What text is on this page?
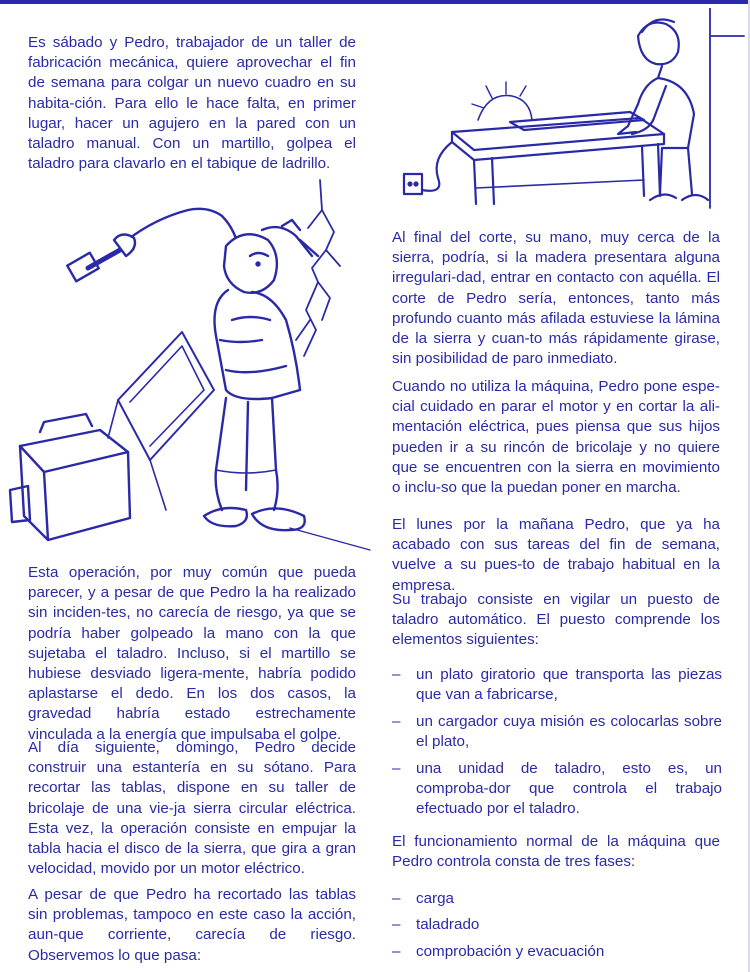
Es sábado y Pedro, trabajador de un taller de fabricación mecánica, quiere aprovechar el fin de semana para colgar un nuevo cuadro en su habita-ción. Para ello le hace falta, en primer lugar, hacer un agujero en la pared con un taladro manual. Con un martillo, golpea el taladro para clavarlo en el tabique de ladrillo.

Esta operación, por muy común que pueda parecer, y a pesar de que Pedro la ha realizado sin inciden-tes, no carecía de riesgo, ya que se podría haber golpeado la mano con la que sujetaba el taladro. Incluso, si el martillo se hubiese desviado ligera-mente, habría podido aplastarse el dedo. En los dos casos, la gravedad habría estado estrechamente vinculada a la energía que impulsaba el golpe.

Al día siguiente, domingo, Pedro decide construir una estantería en su sótano. Para recortar las tablas, dispone en su taller de bricolaje de una vie-ja sierra circular eléctrica. Esta vez, la operación consiste en empujar la tabla hacia el disco de la sierra, que gira a gran velocidad, movido por un motor eléctrico.

A pesar de que Pedro ha recortado las tablas sin problemas, tampoco en este caso la acción, aun-que corriente, carecía de riesgo. Observemos lo que pasa:

Al final del corte, su mano, muy cerca de la sierra, podría, si la madera presentara alguna irregulari-dad, entrar en contacto con aquélla. El corte de Pedro sería, entonces, tanto más profundo cuanto más afilada estuviese la lámina de la sierra y cuan-to más rápidamente girase, sin posibilidad de paro inmediato.

Cuando no utiliza la máquina, Pedro pone espe-cial cuidado en parar el motor y en cortar la ali-mentación eléctrica, pues piensa que sus hijos pueden ir a su rincón de bricolaje y no quiere que se encuentren con la sierra en movimiento o inclu-so que la puedan poner en marcha.

El lunes por la mañana Pedro, que ya ha acabado con sus tareas del fin de semana, vuelve a su pues-to de trabajo habitual en la empresa.

Su trabajo consiste en vigilar un puesto de taladro automático. El puesto comprende los elementos siguientes:

–	un plato giratorio que transporta las piezas que van a fabricarse,
–	un cargador cuya misión es colocarlas sobre el plato,
–	una unidad de taladro, esto es, un comproba-dor que controla el trabajo efectuado por el taladro.

El funcionamiento normal de la máquina que Pedro controla consta de tres fases:

–	carga
–	taladrado
–	comprobación y evacuación
